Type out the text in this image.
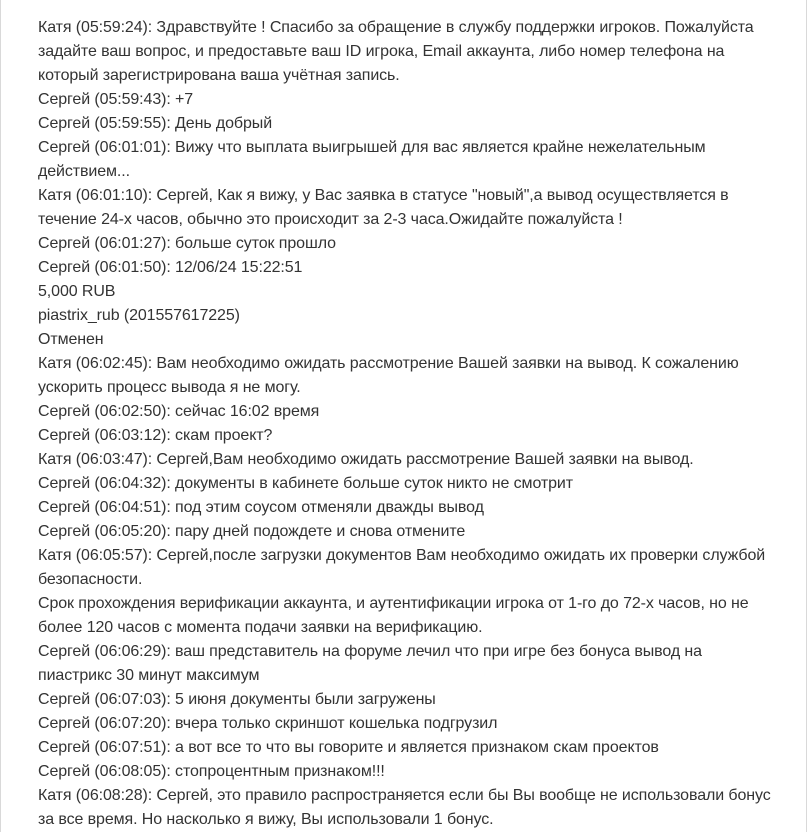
Катя (05:59:24): Здравствуйте ! Спасибо за обращение в службу поддержки игроков. Пожалуйста задайте ваш вопрос, и предоставьте ваш ID игрока, Email аккаунта, либо номер телефона на который зарегистрирована ваша учётная запись.
Сергей (05:59:43): +7
Сергей (05:59:55): День добрый
Сергей (06:01:01): Вижу что выплата выигрышей для вас является крайне нежелательным действием...
Катя (06:01:10): Сергей, Как я вижу, у Вас заявка в статусе "новый",а вывод осуществляется в течение 24-х часов, обычно это происходит за 2-3 часа.Ожидайте пожалуйста !
Сергей (06:01:27): больше суток прошло
Сергей (06:01:50): 12/06/24 15:22:51
5,000 RUB
piastrix_rub (201557617225)
Отменен
Катя (06:02:45): Вам необходимо ожидать рассмотрение Вашей заявки на вывод. К сожалению ускорить процесс вывода я не могу.
Сергей (06:02:50): сейчас 16:02 время
Сергей (06:03:12): скам проект?
Катя (06:03:47): Сергей,Вам необходимо ожидать рассмотрение Вашей заявки на вывод.
Сергей (06:04:32): документы в кабинете больше суток никто не смотрит
Сергей (06:04:51): под этим соусом отменяли дважды вывод
Сергей (06:05:20): пару дней подождете и снова отмените
Катя (06:05:57): Сергей,после загрузки документов Вам необходимо ожидать их проверки службой безопасности.
Срок прохождения верификации аккаунта, и аутентификации игрока от 1-го до 72-х часов, но не более 120 часов с момента подачи заявки на верификацию.
Сергей (06:06:29): ваш представитель на форуме лечил что при игре без бонуса вывод на пиастрикс 30 минут максимум
Сергей (06:07:03): 5 июня документы были загружены
Сергей (06:07:20): вчера только скриншот кошелька подгрузил
Сергей (06:07:51): а вот все то что вы говорите и является признаком скам проектов
Сергей (06:08:05): стопроцентным признаком!!!
Катя (06:08:28): Сергей, это правило распространяется если бы Вы вообще не использовали бонус за все время. Но насколько я вижу, Вы использовали 1 бонус.
